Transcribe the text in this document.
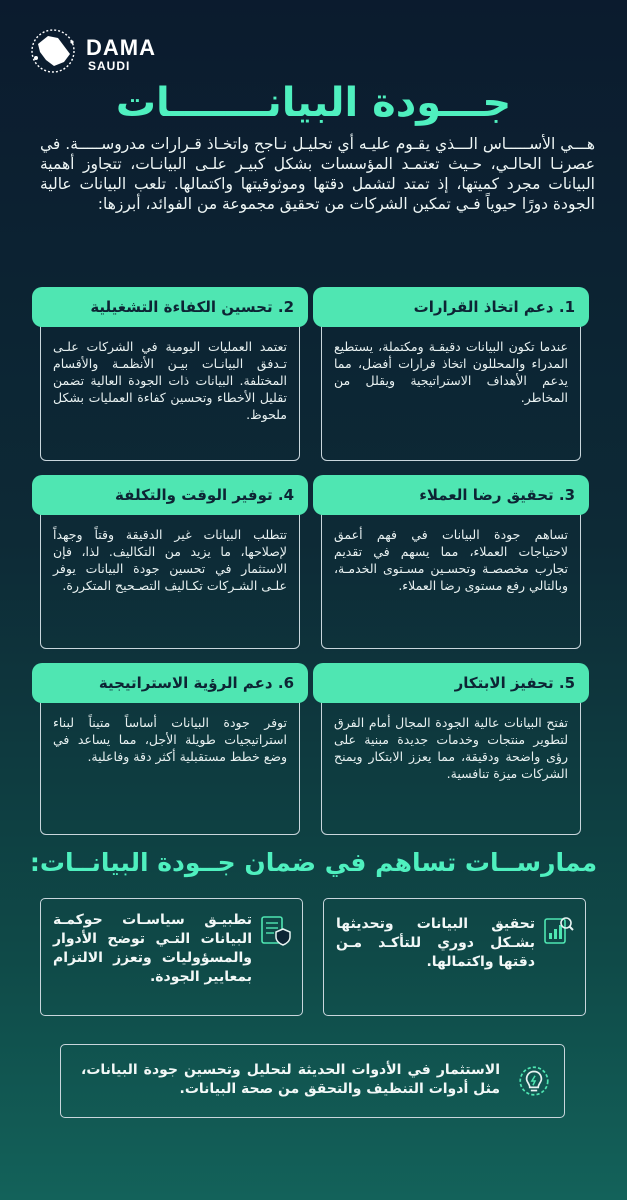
DAMA
SAUDI
جـــودة البيانـــــــات
هـــي الأســـــاس الـــذي يقـوم عليـه أي تحليـل نـاجح واتخـاذ قـرارات مدروســـــة. في عصرنـا الحالـي، حـيث تعتمـد المؤسسات بشكل كبيـر علـى البيانـات، تتجاوز أهمية البيانات مجرد كميتها، إذ تمتد لتشمل دقتها وموثوقيتها واكتمالها. تلعب البيانات عالية الجودة دورًا حيوياً فـي تمكين الشركات من تحقيق مجموعة من الفوائد، أبرزها:
1. دعم اتخاذ القرارات
عندما تكون البيانات دقيقـة ومكتملة، يستطيع المدراء والمحللون اتخاذ قرارات أفضل، مما يدعم الأهداف الاستراتيجية ويقلل من المخاطر.
2. تحسين الكفاءة التشغيلية
تعتمد العمليات اليومية في الشركات علـى تـدفق البيانـات بيـن الأنظمـة والأقسام المختلفة. البيانات ذات الجودة العالية تضمن تقليل الأخطاء وتحسين كفاءة العمليات بشكل ملحوظ.
3. تحقيق رضا العملاء
تساهم جودة البيانات في فهم أعمق لاحتياجات العملاء، مما يسهم في تقديم تجارب مخصصـة وتحسـين مسـتوى الخدمـة، وبالتالي رفع مستوى رضا العملاء.
4. توفير الوقت والتكلفة
تتطلب البيانات غير الدقيقة وقتاً وجهداً لإصلاحها، ما يزيد من التكاليف. لذا، فإن الاستثمار في تحسين جودة البيانات يوفر علـى الشـركات تكـاليف التصـحيح المتكررة.
5. تحفيز الابتكار
تفتح البيانات عالية الجودة المجال أمام الفرق لتطوير منتجات وخدمات جديدة مبنية على رؤى واضحة ودقيقة، مما يعزز الابتكار ويمنح الشركات ميزة تنافسية.
6. دعم الرؤية الاستراتيجية
توفر جودة البيانات أساساً متيناً لبناء استراتيجيات طويلة الأجل، مما يساعد في وضع خطط مستقبلية أكثر دقة وفاعلية.
ممارســات تساهم في ضمان جــودة البيانــات:
تحقيق البيانات وتحديثها بشـكل دوري للتأكـد مـن دقتها واكتمالها.
تطبيـق سياسـات حوكمـة البيانات التـي توضح الأدوار والمسؤوليات وتعزز الالتزام بمعايير الجودة.
الاستثمار في الأدوات الحديثة لتحليل وتحسين جودة البيانات، مثل أدوات التنظيف والتحقق من صحة البيانات.
